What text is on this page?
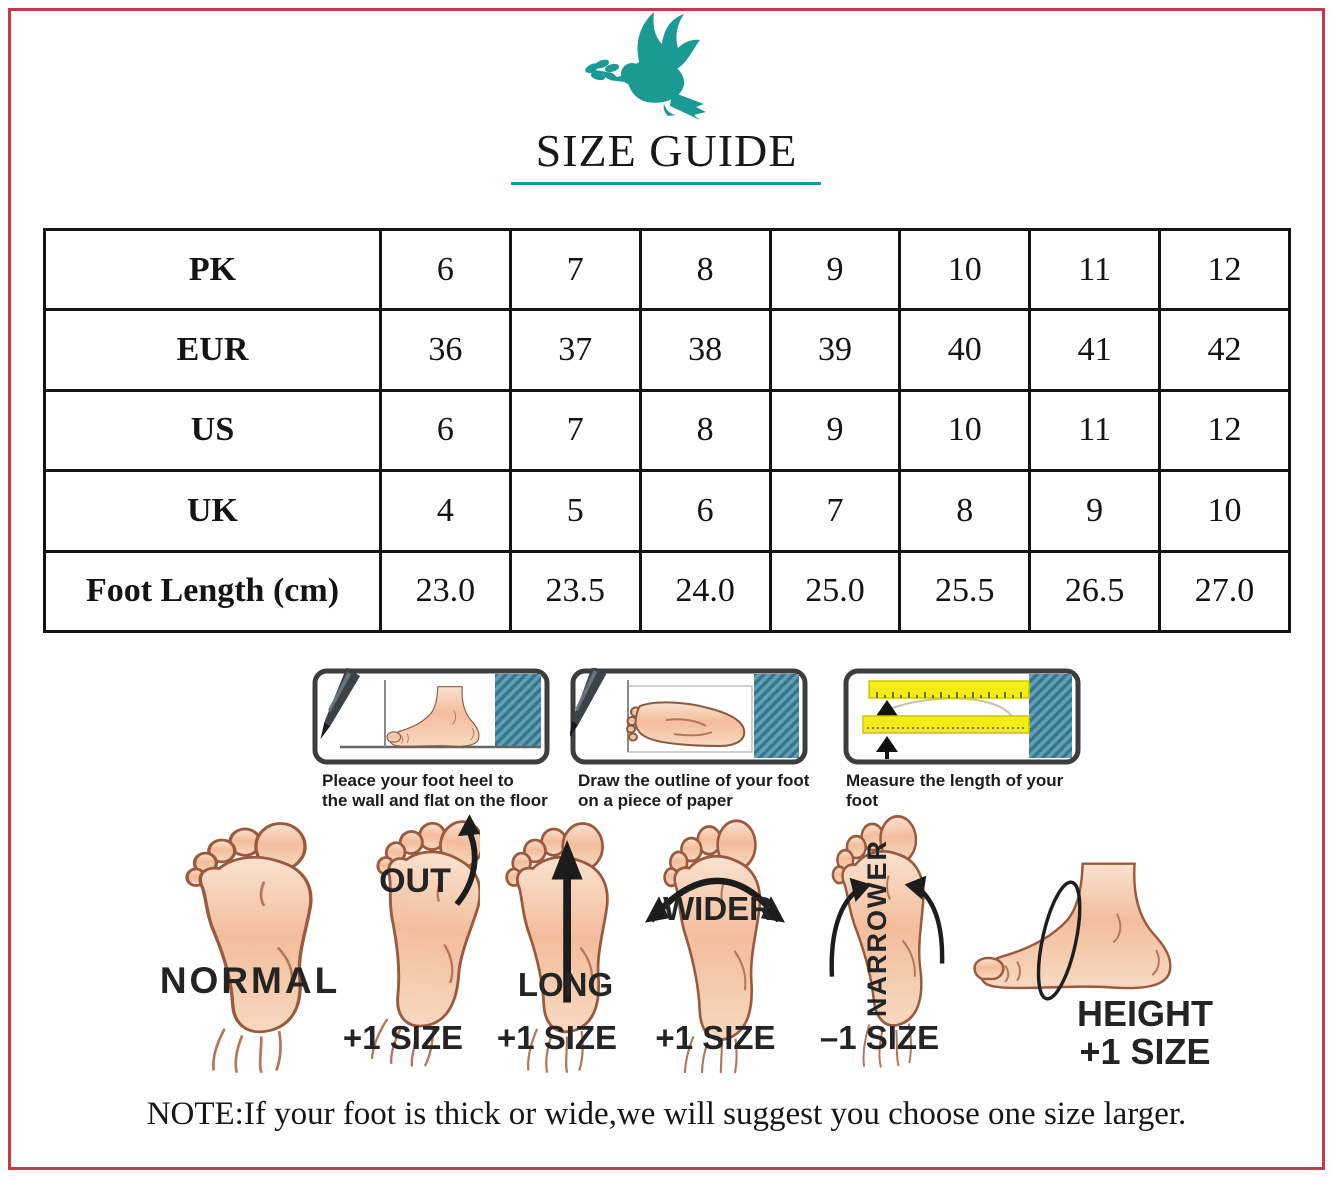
SIZE GUIDE
PK	6	7	8	9	10	11	12
EUR	36	37	38	39	40	41	42
US	6	7	8	9	10	11	12
UK	4	5	6	7	8	9	10
Foot Length (cm)	23.0	23.5	24.0	25.0	25.5	26.5	27.0
Pleace your foot heel to
the wall and flat on the floor
Draw the outline of your foot
on a piece of paper
Measure the length of your
foot
NORMAL
OUT
+1 SIZE
LONG
+1 SIZE
WIDER
+1 SIZE
NARROWER
–1 SIZE
HEIGHT
+1 SIZE
NOTE:If your foot is thick or wide,we will suggest you choose one size larger.
